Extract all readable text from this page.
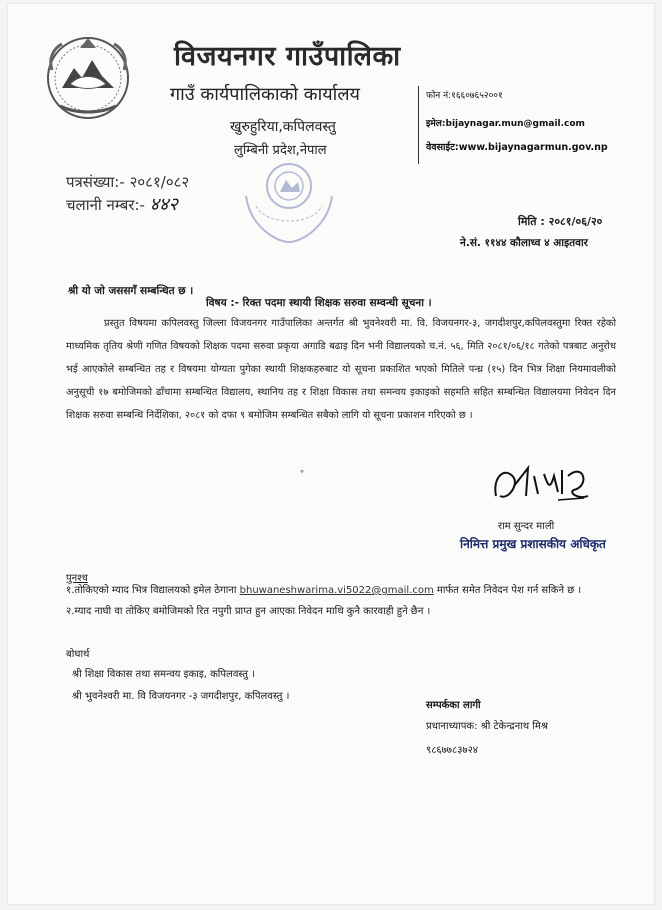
विजयनगर गाउँपालिका
गाउँ कार्यपालिकाको कार्यालय
खुरुहुरिया,कपिलवस्तु
लुम्बिनी प्रदेश,नेपाल
फोन नं:१६६०७६५२००१
इमेल:bijaynagar.mun@gmail.com
वेवसाईट:www.bijaynagarmun.gov.np
पत्रसंख्या:- २०८१/०८२
चलानी नम्बर:- ४४२
मिति : २०८१/०६/२०
ने.सं. ११४४ कौलाध्व ४ आइतवार
श्री यो जो जससगँ सम्बन्धित छ ।
विषय :- रिक्त पदमा स्थायी शिक्षक सरुवा सम्वन्धी सूचना ।
प्रस्तुत विषयमा कपिलवस्तु जिल्ला विजयनगर गाउँपालिका अन्तर्गत श्री भुवनेश्वरी मा. वि. विजयनगर-३, जगदीशपुर,कपिलवस्तुमा रिक्त रहेको माध्यमिक तृतिय श्रेणी गणित विषयको शिक्षक पदमा सरुवा प्रकृया अगाडि बढाइ दिन भनी विद्यालयको च.नं. ५६, मिति २०८१/०६/१८ गतेको पत्रबाट अनुरोध भई आएकोले सम्बन्धित तह र विषयमा योग्यता पुगेका स्थायी शिक्षकहरुबाट यो सूचना प्रकाशित भएको मितिले पन्ध्र (१५) दिन भित्र शिक्षा नियमावलीको अनुसूची १७ बमोजिमको ढाँचामा सम्बन्धित विद्यालय, स्थानिय तह र शिक्षा विकास तथा समन्वय इकाइको सहमति सहित सम्बन्धित विद्यालयमा निवेदन दिन शिक्षक सरुवा सम्बन्धि निर्देशिका, २०८१ को दफा ९ बमोजिम सम्बन्धित सबैको लागि यो सूचना प्रकाशन गरिएको छ ।
॰
राम सुन्दर माली
निमित्त प्रमुख प्रशासकीय अधिकृत
पुनश्च
१.तोकिएको म्याद भित्र विद्यालयको इमेल ठेगाना bhuwaneshwarima.vi5022@gmail.com मार्फत समेत निवेदन पेश गर्न सकिने छ ।
२.म्याद नाघी वा तोकिए बमोजिमको रित नपुगी प्राप्त हुन आएका निवेदन माथि कुनै कारवाही हुने छैन ।
बोधार्थ
श्री शिक्षा विकास तथा समन्वय इकाइ, कपिलवस्तु ।
श्री भुवनेश्वरी मा. वि विजयनगर -३ जगदीशपुर, कपिलवस्तु ।
सम्पर्कका लागी
प्रधानाध्यापक: श्री टेकेन्द्रनाथ मिश्र
९८६७७८३७२४
